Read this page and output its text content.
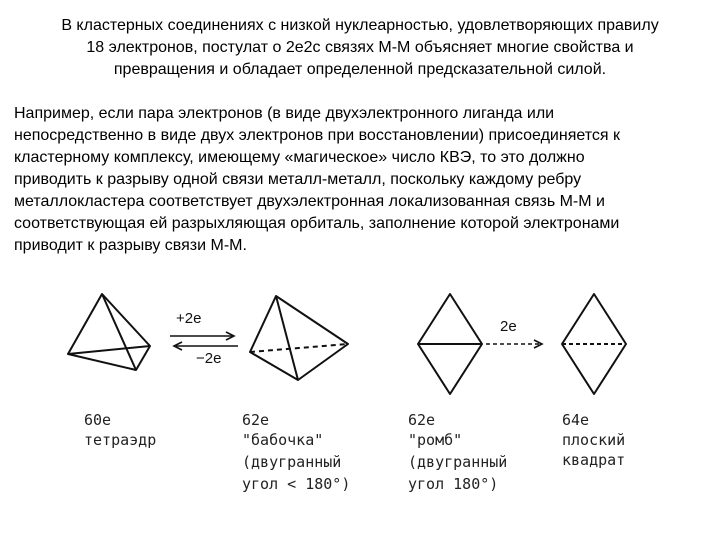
В кластерных соединениях с низкой нуклеарностью, удовлетворяющих правилу
18 электронов, постулат о 2е2с связях М-М объясняет многие свойства и
превращения и обладает определенной предсказательной силой.
Например, если пара электронов (в виде двухэлектронного лиганда или
непосредственно в виде двух электронов при восстановлении) присоединяется к
кластерному комплексу, имеющему «магическое» число КВЭ, то это должно
приводить к разрыву одной связи металл-металл, поскольку каждому ребру
металлокластера соответствует двухэлектронная локализованная связь М-М и
соответствующая ей разрыхляющая орбиталь, заполнение которой электронами
приводит к разрыву связи М-М.
+2e
−2e
2e
60e
тетраэдр
62e
"бабочка"
(двугранный
угол < 180°)
62e
"ромб"
(двугранный
угол 180°)
64e
плоский
квадрат
